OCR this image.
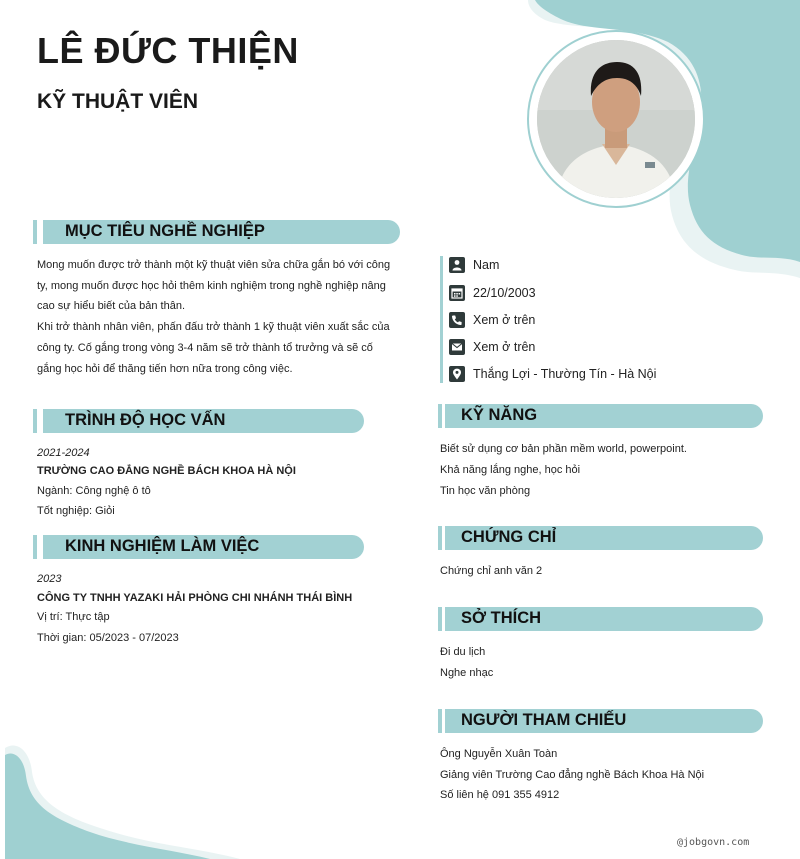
LÊ ĐỨC THIỆN
KỸ THUẬT VIÊN
MỤC TIÊU NGHỀ NGHIỆP
Mong muốn được trở thành một kỹ thuật viên sửa chữa gắn bó với công
ty, mong muốn được học hỏi thêm kinh nghiệm trong nghề nghiệp nâng
cao sự hiểu biết của bản thân.
Khi trở thành nhân viên, phấn đấu trở thành 1 kỹ thuật viên xuất sắc của
công ty. Cố gắng trong vòng 3-4 năm sẽ trở thành tổ trưởng và sẽ cố
gắng học hỏi để thăng tiến hơn nữa trong công việc.
TRÌNH ĐỘ HỌC VẤN
2021-2024
TRƯỜNG CAO ĐẲNG NGHỀ BÁCH KHOA HÀ NỘI
Ngành: Công nghệ ô tô
Tốt nghiệp: Giỏi
KINH NGHIỆM LÀM VIỆC
2023
CÔNG TY TNHH YAZAKI HẢI PHÒNG CHI NHÁNH THÁI BÌNH
Vị trí: Thực tập
Thời gian: 05/2023 - 07/2023
Nam
22/10/2003
Xem ở trên
Xem ở trên
Thắng Lợi - Thường Tín - Hà Nội
KỸ NĂNG
Biết sử dụng cơ bản phần mềm world, powerpoint.
Khả năng lắng nghe, học hỏi
Tin học văn phòng
CHỨNG CHỈ
Chứng chỉ anh văn 2
SỞ THÍCH
Đi du lịch
Nghe nhạc
NGƯỜI THAM CHIẾU
Ông Nguyễn Xuân Toàn
Giảng viên Trường Cao đẳng nghề Bách Khoa Hà Nội
Số liên hệ 091 355 4912
@jobgovn.com
